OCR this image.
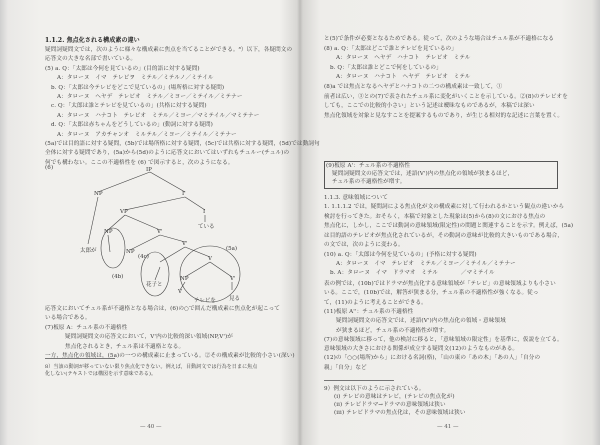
1.1.2. 焦点化される構成素の違い
疑問詞疑問文では，次のように様々な構成素に焦点を当てることができる。⁸）以下，各疑問文の
応答文の大きな名部で書いている。
(5) a. Q：「太郎は今何を見ているの」(目的語に対する疑問)
A：タローヌ　イマ　テレビヲ　ミテル／ミテルノ／ミテイル
b. Q：「太郎は今テレビをどこで見ているの」(場所格に対する疑問)
A：タローヌ　ヘヤデ　テレビオ　ミテル／ミヨー／ミテイル／ミテナー
c. Q：「太郎は誰とテレビを見ているの」(共格に対する疑問)
A：タローヌ　ハナコト　テレビオ　ミテル／ミヨー／マミテイル／マミテナー
d. Q：「太郎は赤ちゃんをどうしているの」(動詞に対する疑問)
A：タローヌ　アカチャンオ　ミルテル／ミヨー／ミテイル／ミテナー
(5a)では目的語に対する疑問，(5b)では場所格に対する疑問，(5c)では共格に対する疑問，(5d)では動詞句
全体に対する疑問であり，(5a)から(5d)のように応答文においてはいずれもチュルー(チュル)の
何でも構わない。ここの不適格性を (6) で図示すると，次のようになる。
(6)	IP
NP	I'
VP	I
NP	V'
ている
太郎が	NP
V'
(5a)
(4b)
(4c)
花子と
テレビを
V
見る
V'
NP
V
応答文においてチュル系が不適格となる場合は，(6)の○で囲んだ構成素に焦点化が起こって
いる場合である。
(7)板原 A：チュル系の不適格性
疑問詞疑問文の応答文において，V'内の比較的深い領域(NP,V')が
焦点化されるとき，チュル系は不適格となる。
一方，焦点化の領域は，(5a)の一つの構成素に止まっている。②その構成素が比較的小さい(深い)
8）当該の動詞が移っていない限り焦点化できない。例えば，目動詞文では行為を日まに焦点化しない(テキストでは構図を示す意味である)。
— 40 —
と(5)で条件が必要となるためである。従って，次のような場合はチュル系が不適格になる
(8) a. Q：「太郎はどこで誰とテレビを見ているの」
A：タローヌ　ヘヤデ　ハナコト　テレビオ　ミテル
b. Q：「太郎は誰とどこで何をしているの」
A：タローヌ　ハナコト　ヘヤデ　テレビオ　ミテル
(8)a では焦点となるヘヤデとハナコトの二つの構成素は一致して，①
前者は広い，③との(7)で表されたチュル系に変化がいくことを示している。②(8)のテレビオを
しても，ここでの比較的小さい」という記述は曖昧なものであるが，本稿では深い
焦点化領域を対象と見なすことを提案するものであり，が生じる相対的な記述に言葉を置く。
(9)板原 A'：チュル系の不適格性
疑問詞疑問文の応答文では，述語(V')内の焦点化の領域が狭まるほど，
チュル系の不適格性が増す。
1.1.3. 意味領域について
1. 1.1.1.2 では，疑問詞による焦点化が文の構成素に対して行われるかという観点の違いから
検討を行ってきた。おそらく，本稿で対象とした現象は(5)から(8)の文における焦点の
焦点化に，しかし，ここでは動詞の意味領域(限定性)の問題と関連することを示す。例えば，(5a)
は目的語のテレビオが焦点化されているが，その動詞の意味が比較的大きいものである場合，
の文では，次のように変わる。
(10) a. Q：「太郎は今何を見ているの」(予格に対する疑問)
A：タローヌ　イマ　テレビオ　ミテル／ミヨー／ミテイル／ミテナー
b. A：タローヌ　イマ　ドラマオ　ミテル　　　　／マミテイル
表の例では，(10b)ではドラマが焦点化する意味領域が「テレビ」の意味領域よりも小さい
いる。ここで，(10b)では，解答が狭まる分，チュル系の不適格性が強くなる。従っ
て，(11)のように考えることができる。
(11)板原 A''：チュル系の不適格性
疑問詞疑問文の応答文では，述語(V')内の焦点化の領域・意味領域
が狭まるほど，チュル系の不適格性が増す。
(7)の意味領域に移って，他の検討に移ると，「意味領域の限定性」を基準に，仮説を立てる。
意味領域の大きさにおける関係が成立する疑問文(12)のようなものがある。
(12)の「○○(場所)から」における名詞(格)，「山の東の「あの木」「あの人」「自分の
親」「自分」など
9）例文は以下のように示されている。
(i) テレビの意味はテレビ，(テレビの焦点化が)
(ii) テレビドラマ→ドラマの意味領域は狭い
(iii) テレビドラマの焦点化は，その意味領域は狭い
— 41 —
